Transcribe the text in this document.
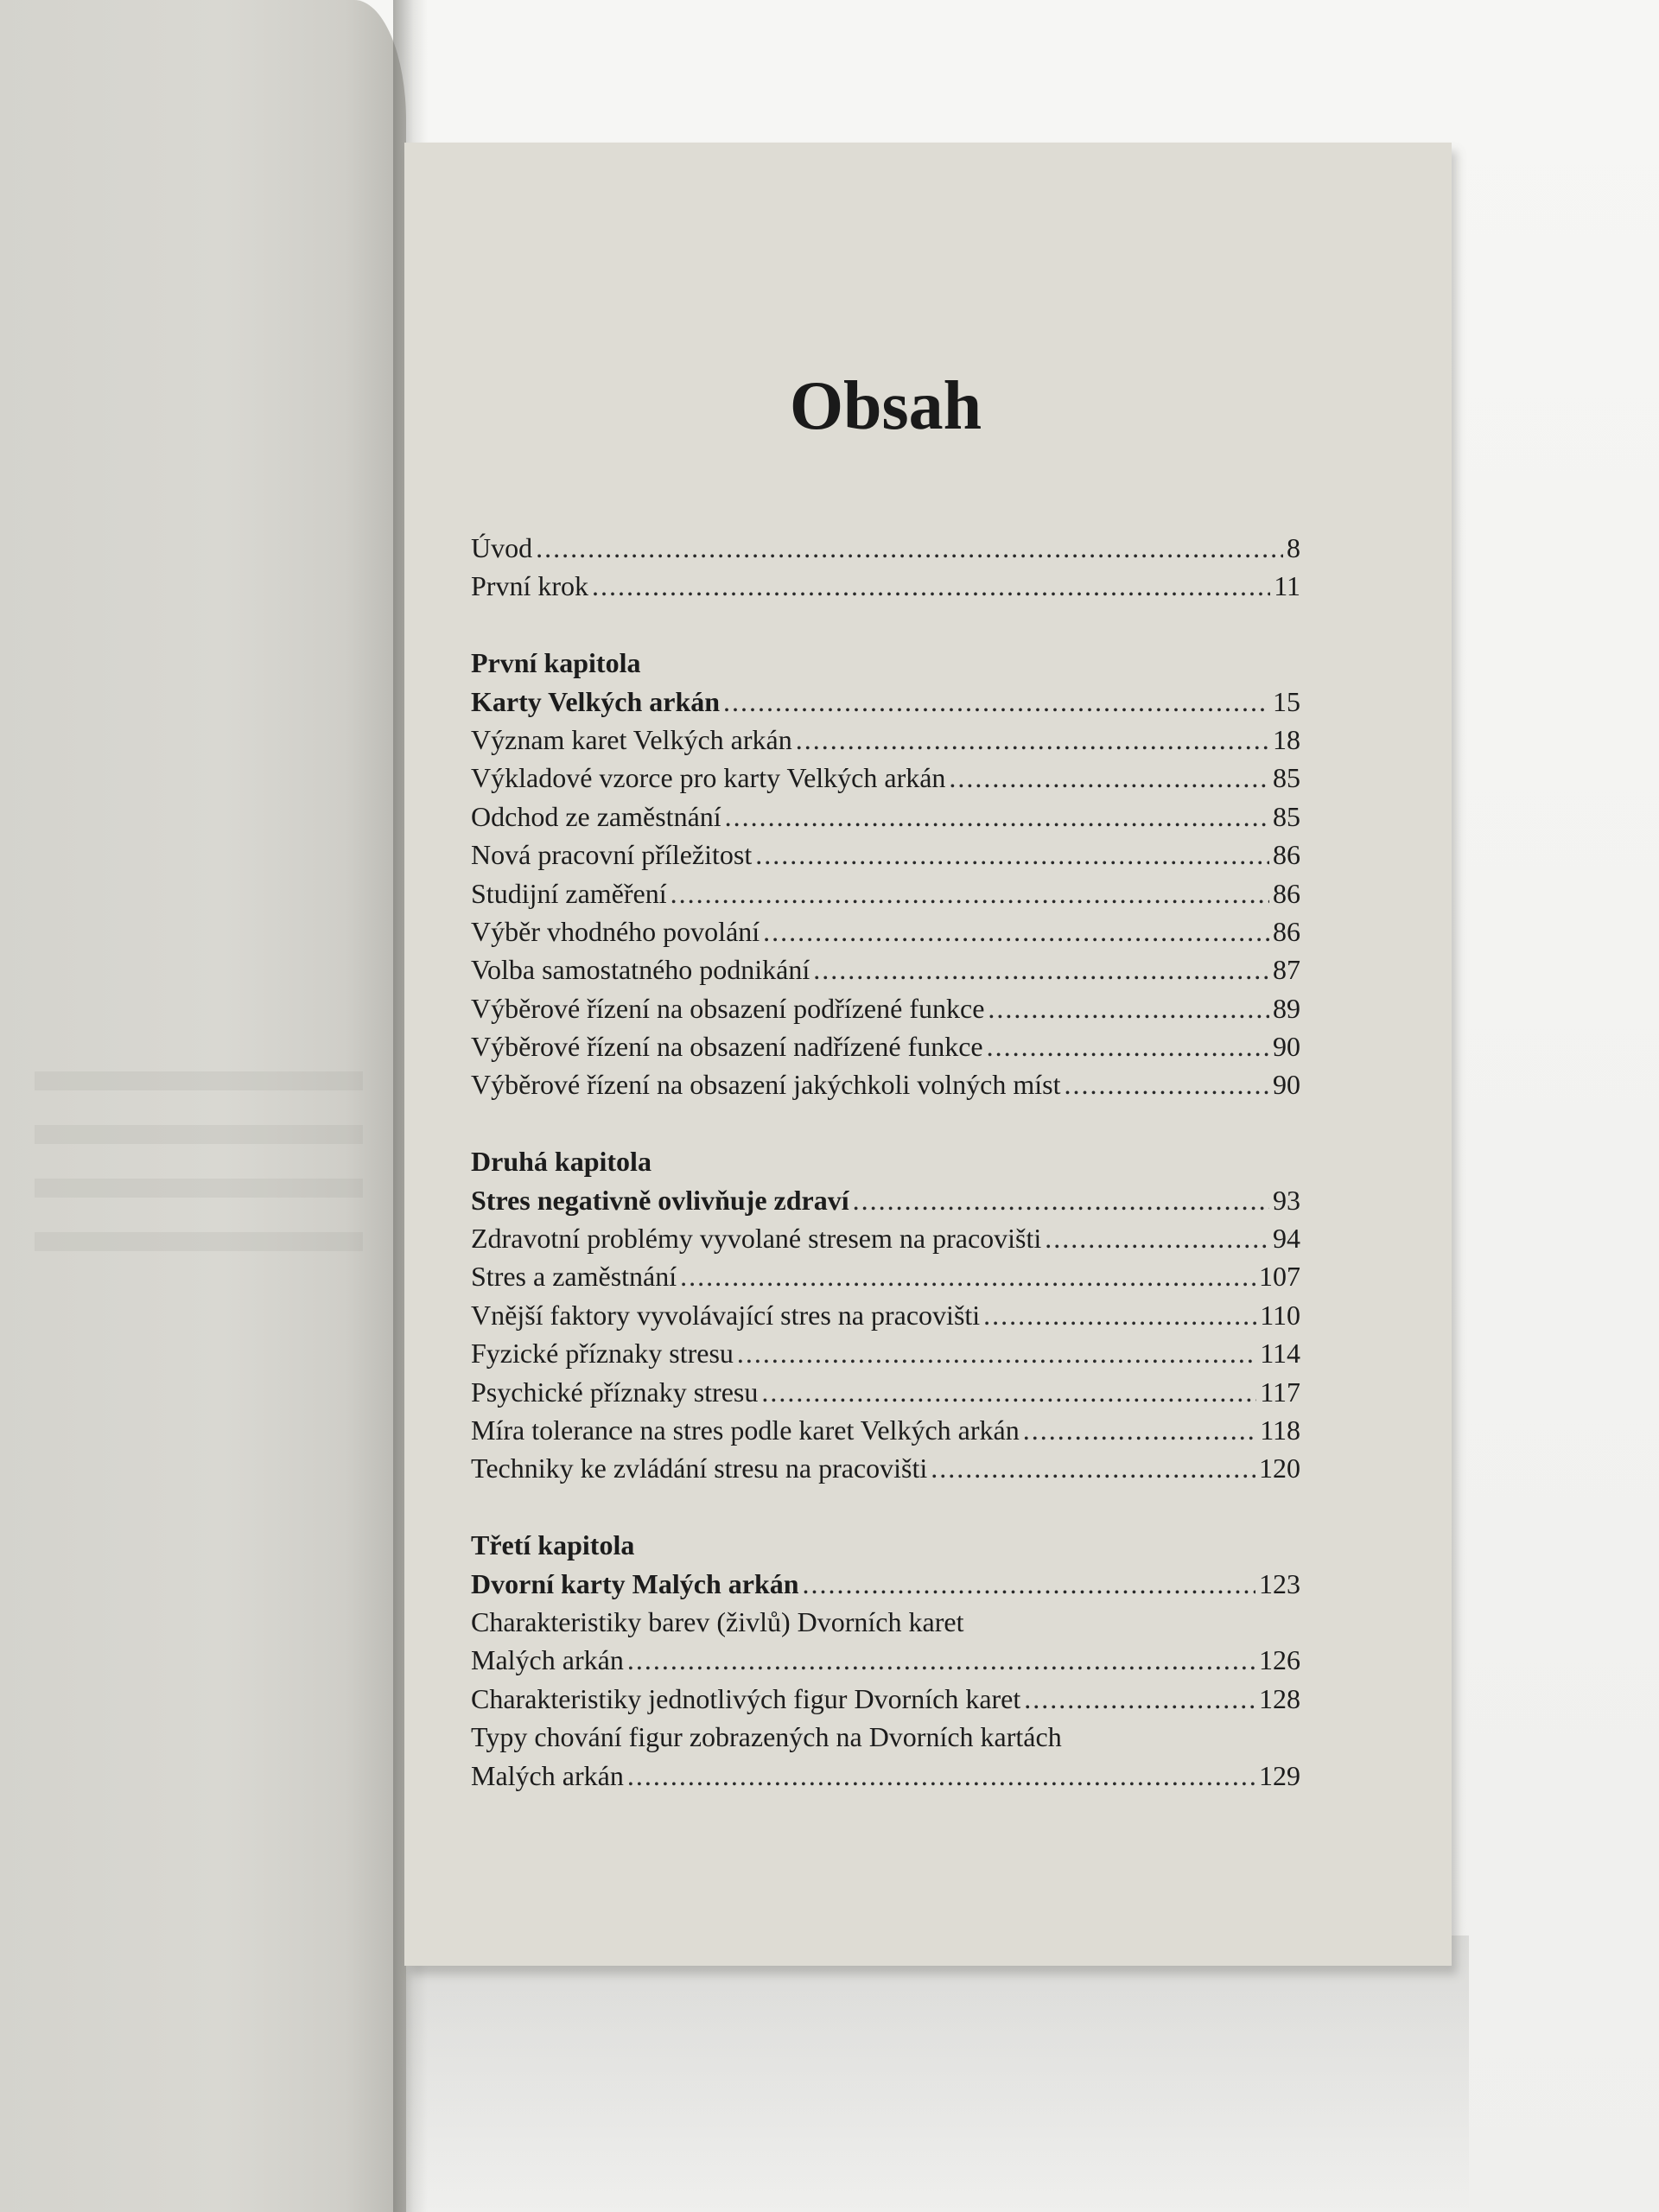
Obsah
Úvod .....	8
První krok .....	11
První kapitola
Karty Velkých arkán .....	15
Význam karet Velkých arkán .....	18
Výkladové vzorce pro karty Velkých arkán .....	85
Odchod ze zaměstnání .....	85
Nová pracovní příležitost .....	86
Studijní zaměření .....	86
Výběr vhodného povolání .....	86
Volba samostatného podnikání .....	87
Výběrové řízení na obsazení podřízené funkce .....	89
Výběrové řízení na obsazení nadřízené funkce .....	90
Výběrové řízení na obsazení jakýchkoli volných míst .....	90
Druhá kapitola
Stres negativně ovlivňuje zdraví .....	93
Zdravotní problémy vyvolané stresem na pracovišti .....	94
Stres a zaměstnání .....	107
Vnější faktory vyvolávající stres na pracovišti .....	110
Fyzické příznaky stresu .....	114
Psychické příznaky stresu .....	117
Míra tolerance na stres podle karet Velkých arkán .....	118
Techniky ke zvládání stresu na pracovišti .....	120
Třetí kapitola
Dvorní karty Malých arkán .....	123
Charakteristiky barev (živlů) Dvorních karet
Malých arkán .....	126
Charakteristiky jednotlivých figur Dvorních karet .....	128
Typy chování figur zobrazených na Dvorních kartách
Malých arkán .....	129
